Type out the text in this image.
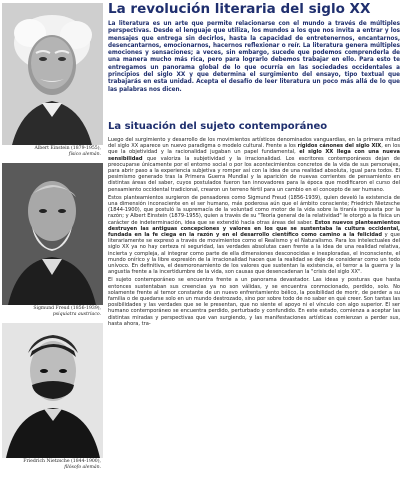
Albert Einstein (1879-1955),
físico alemán.
Sigmund Freud (1856-1939),
psiquiatra austriaco.
Friedrich Nietzsche (1844-1900),
filósofo alemán.
La revolución literaria del siglo XX

La literatura es un arte que permite relacionarse con el mundo a través de múltiples perspectivas. Desde el lenguaje que utiliza, los mundos a los que nos invita a entrar y los mensajes que entrega sin decirlos, hasta la capacidad de entretenernos, encantarnos, desencantarnos, emocionarnos, hacernos reflexionar o reír. La literatura genera múltiples emociones y sensaciones; a veces, sin embargo, sucede que podemos comprenderla de una manera mucho más rica, pero para lograrlo debemos trabajar en ello. Para esto te entregamos un panorama global de lo que ocurría en las sociedades occidentales a principios del siglo XX y que determina el surgimiento del ensayo, tipo textual que trabajarás en esta unidad. Acepta el desafío de leer literatura un poco más allá de lo que las palabras nos dicen.

La situación del sujeto contemporáneo

Luego del surgimiento y desarrollo de los movimientos artísticos denominados vanguardias, en la primera mitad del siglo XX aparece un nuevo paradigma o modelo cultural. Frente a los rígidos cánones del siglo XIX, en los que la objetividad y la racionalidad jugaban un papel fundamental, el siglo XX llega con una nueva sensibilidad que valoriza la subjetividad y la irracionalidad. Los escritores contemporáneos dejan de preocuparse únicamente por el entorno social o por los acontecimientos concretos de la vida de sus personajes, para abrir paso a la experiencia subjetiva y romper así con la idea de una realidad absoluta, igual para todos. El pesimismo generado tras la Primera Guerra Mundial y la aparición de nuevas corrientes de pensamiento en distintas áreas del saber, cuyos postulados fueron tan innovadores para la época que modificaron el curso del pensamiento occidental tradicional, crearon un terreno fértil para un cambio en el concepto de ser humano.

Estos planteamientos surgieron de pensadores como Sigmund Freud (1856-1939), quien develó la existencia de una dimensión inconsciente en el ser humano, más poderosa aún que el ámbito consciente; Friedrich Nietzsche (1844-1900), que postuló la supremacía de la voluntad como motor de la vida sobre la tiranía impuesta por la razón; y Albert Einstein (1879-1955), quien a través de su "Teoría general de la relatividad" le otorgó a la física un carácter de indeterminación, idea que se extendió hacia otras áreas del saber. Estos nuevos planteamientos destruyen las antiguas concepciones y valores en los que se sustentaba la cultura occidental, fundada en la fe ciega en la razón y en el desarrollo científico como camino a la felicidad y que literariamente se expresó a través de movimientos como el Realismo y el Naturalismo. Para los intelectuales del siglo XX ya no hay certeza ni seguridad, las verdades absolutas caen frente a la idea de una realidad relativa, incierta y compleja, al integrar como parte de ella dimensiones desconocidas e inexploradas, el inconsciente, el mundo onírico y la libre expresión de la irracionalidad hacen que la realidad se deje de considerar como un todo unívoco. En definitiva, el desmoronamiento de los valores que sustentan la existencia, el terror a la guerra y la angustia frente a la incertidumbre de la vida, son causas que desencadenan la "crisis del siglo XX".

El sujeto contemporáneo se encuentra frente a un panorama devastador. Las ideas y posturas que hasta entonces sustentaban sus creencias ya no son válidas, y se encuentra conmocionado, perdido, solo. No solamente frente al temor constante de un nuevo enfrentamiento bélico, la posibilidad de morir, de perder a su familia o de quedarse solo en un mundo destrozado, sino por sobre todo de no saber en qué creer. Son tantas las posibilidades y las verdades que se le presentan, que no siente el apoyo ni el vínculo con algo superior. El ser humano contemporáneo se encuentra perdido, perturbado y confundido. En este estado, comienza a aceptar las distintas miradas y perspectivas que van surgiendo, y las manifestaciones artísticas comienzan a perder sus, hasta ahora, tra-
